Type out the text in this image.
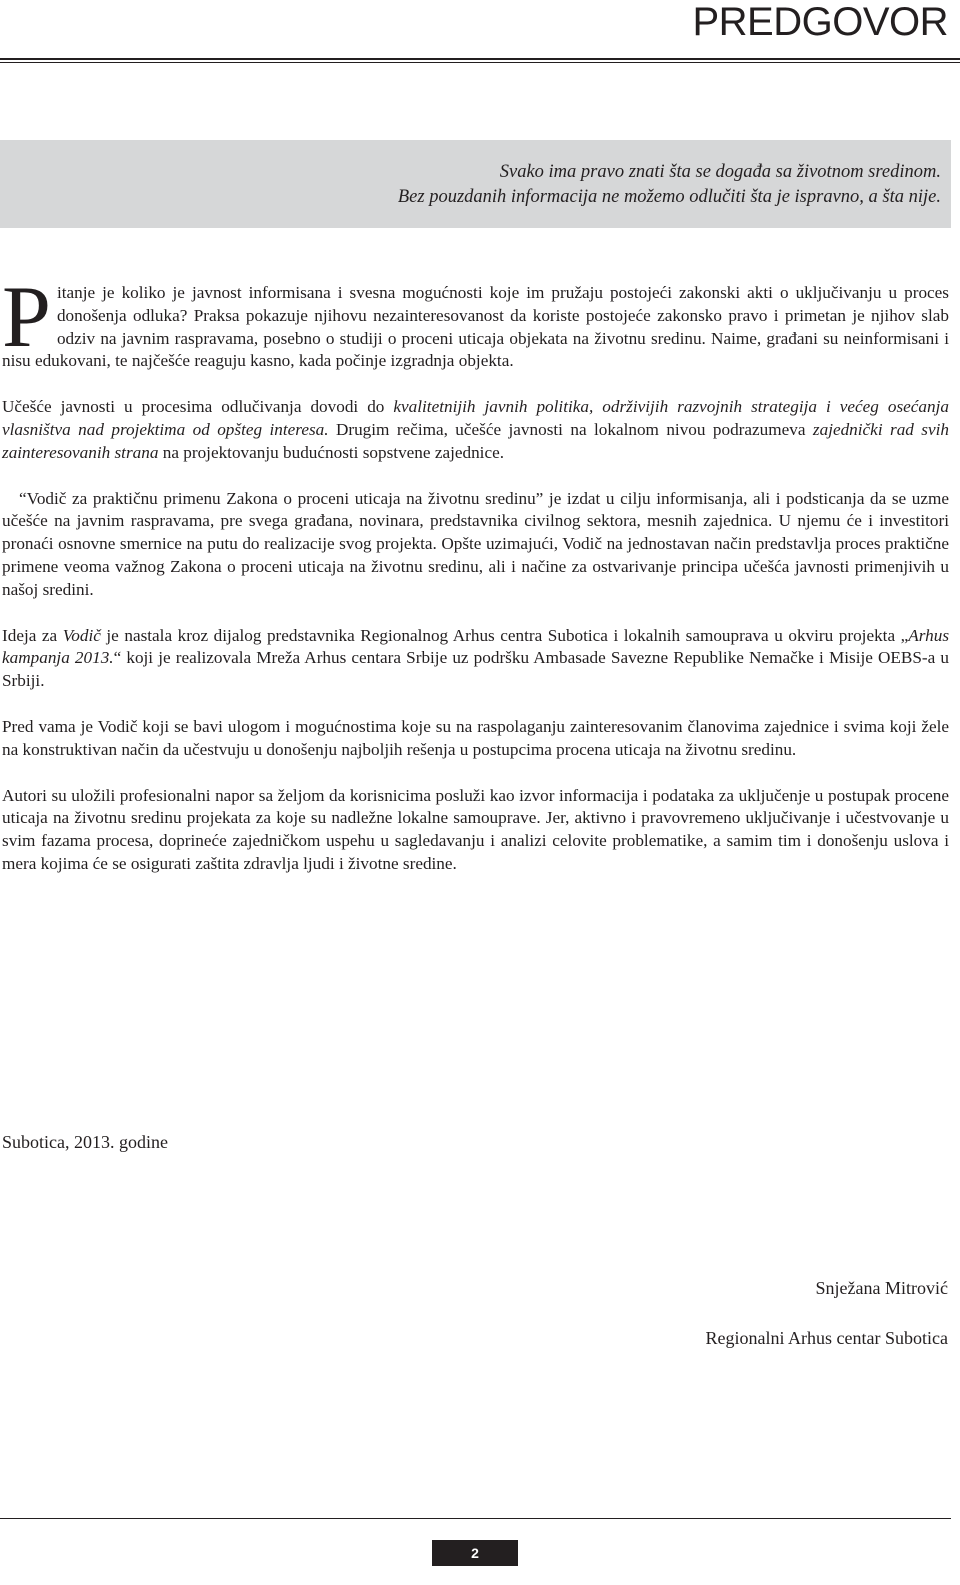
PREDGOVOR
Svako ima pravo znati šta se događa sa životnom sredinom.
Bez pouzdanih informacija ne možemo odlučiti šta je ispravno, a šta nije.

Pitanje je koliko je javnost informisana i svesna mogućnosti koje im pružaju postojeći zakonski akti o uključivanju u proces donošenja odluka? Praksa pokazuje njihovu nezainteresovanost da koriste postojeće zakonsko pravo i primetan je njihov slab odziv na javnim raspravama, posebno o studiji o proceni uticaja objekata na životnu sredinu. Naime, građani su neinformisani i nisu edukovani, te najčešće reaguju kasno, kada počinje izgradnja objekta.

Učešće javnosti u procesima odlučivanja dovodi do kvalitetnijih javnih politika, održivijih razvojnih strategija i većeg osećanja vlasništva nad projektima od opšteg interesa. Drugim rečima, učešće javnosti na lokalnom nivou podrazumeva zajednički rad svih zainteresovanih strana na projektovanju budućnosti sopstvene zajednice.

“Vodič za praktičnu primenu Zakona o proceni uticaja na životnu sredinu” je izdat u cilju informisanja, ali i podsticanja da se uzme učešće na javnim raspravama, pre svega građana, novinara, predstavnika civilnog sektora, mesnih zajednica. U njemu će i investitori pronaći osnovne smernice na putu do realizacije svog projekta. Opšte uzimajući, Vodič na jednostavan način predstavlja proces praktične primene veoma važnog Zakona o proceni uticaja na životnu sredinu, ali i načine za ostvarivanje principa učešća javnosti primenjivih u našoj sredini.

Ideja za Vodič je nastala kroz dijalog predstavnika Regionalnog Arhus centra Subotica i lokalnih samouprava u okviru projekta „Arhus kampanja 2013.“ koji je realizovala Mreža Arhus centara Srbije uz podršku Ambasade Savezne Republike Nemačke i Misije OEBS-a u Srbiji.

Pred vama je Vodič koji se bavi ulogom i mogućnostima koje su na raspolaganju zainteresovanim članovima zajednice i svima koji žele na konstruktivan način da učestvuju u donošenju najboljih rešenja u postupcima procena uticaja na životnu sredinu.

Autori su uložili profesionalni napor sa željom da korisnicima posluži kao izvor informacija i podataka za uključenje u postupak procene uticaja na životnu sredinu projekata za koje su nadležne lokalne samouprave. Jer, aktivno i pravovremeno uključivanje i učestvovanje u svim fazama procesa, doprineće zajedničkom uspehu u sagledavanju i analizi celovite problematike, a samim tim i donošenju uslova i mera kojima će se osigurati zaštita zdravlja ljudi i životne sredine.

Subotica, 2013. godine
Snježana Mitrović
Regionalni Arhus centar Subotica
2
